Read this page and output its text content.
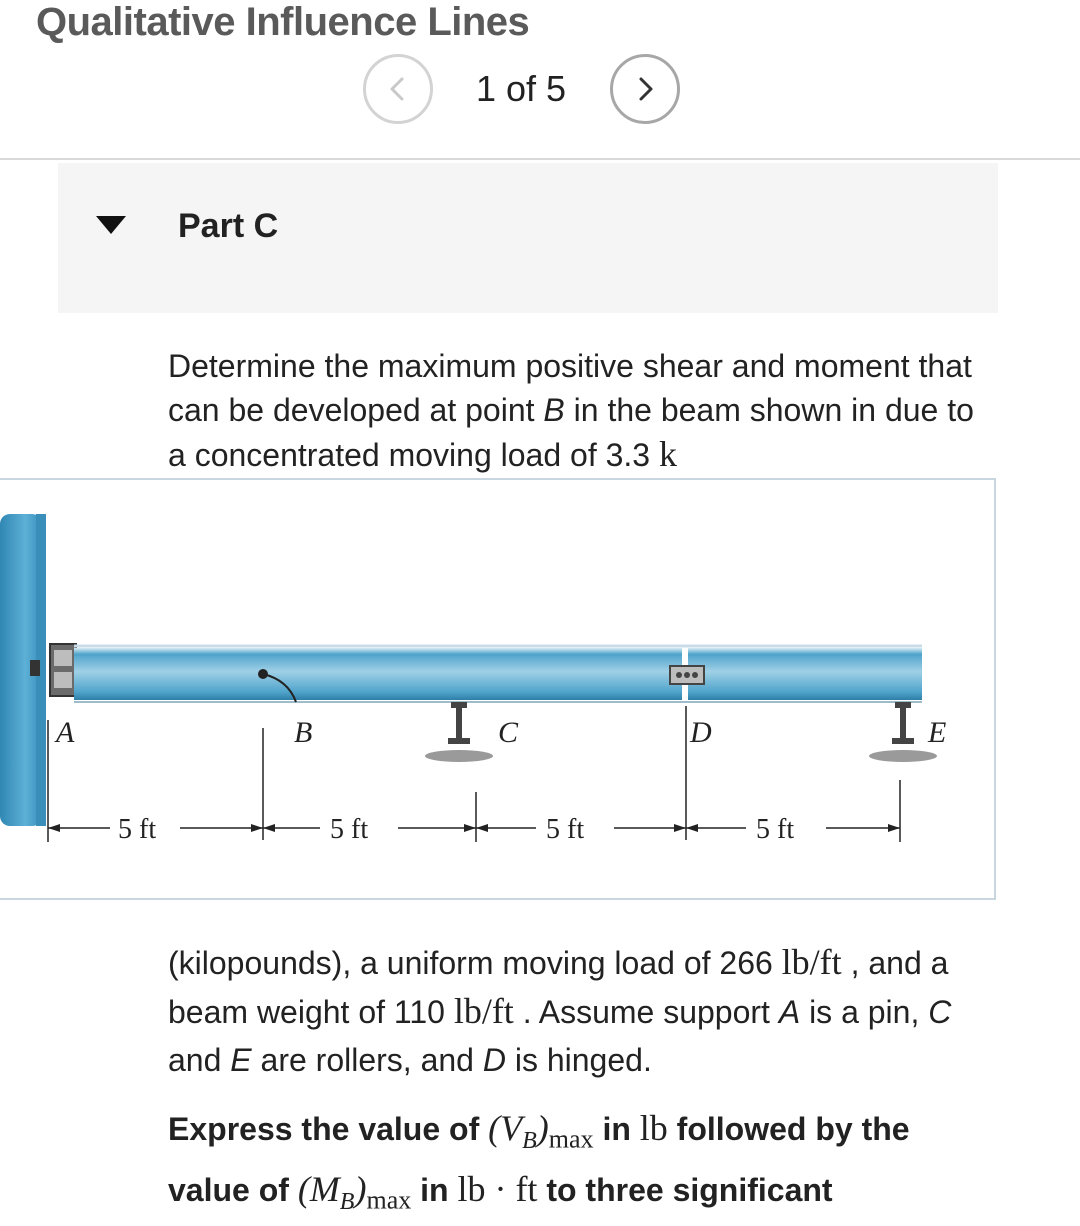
Qualitative Influence Lines
1 of 5
Part C
Determine the maximum positive shear and moment that can be developed at point B in the beam shown in due to a concentrated moving load of 3.3 k
A	B	C	D	E
5 ft	5 ft	5 ft	5 ft
(kilopounds), a uniform moving load of 266 lb/ft , and a beam weight of 110 lb/ft . Assume support A is a pin, C and E are rollers, and D is hinged.
Express the value of $(V_B)_{max}$ in lb followed by the value of $(M_B)_{max}$ in lb · ft to three significant
